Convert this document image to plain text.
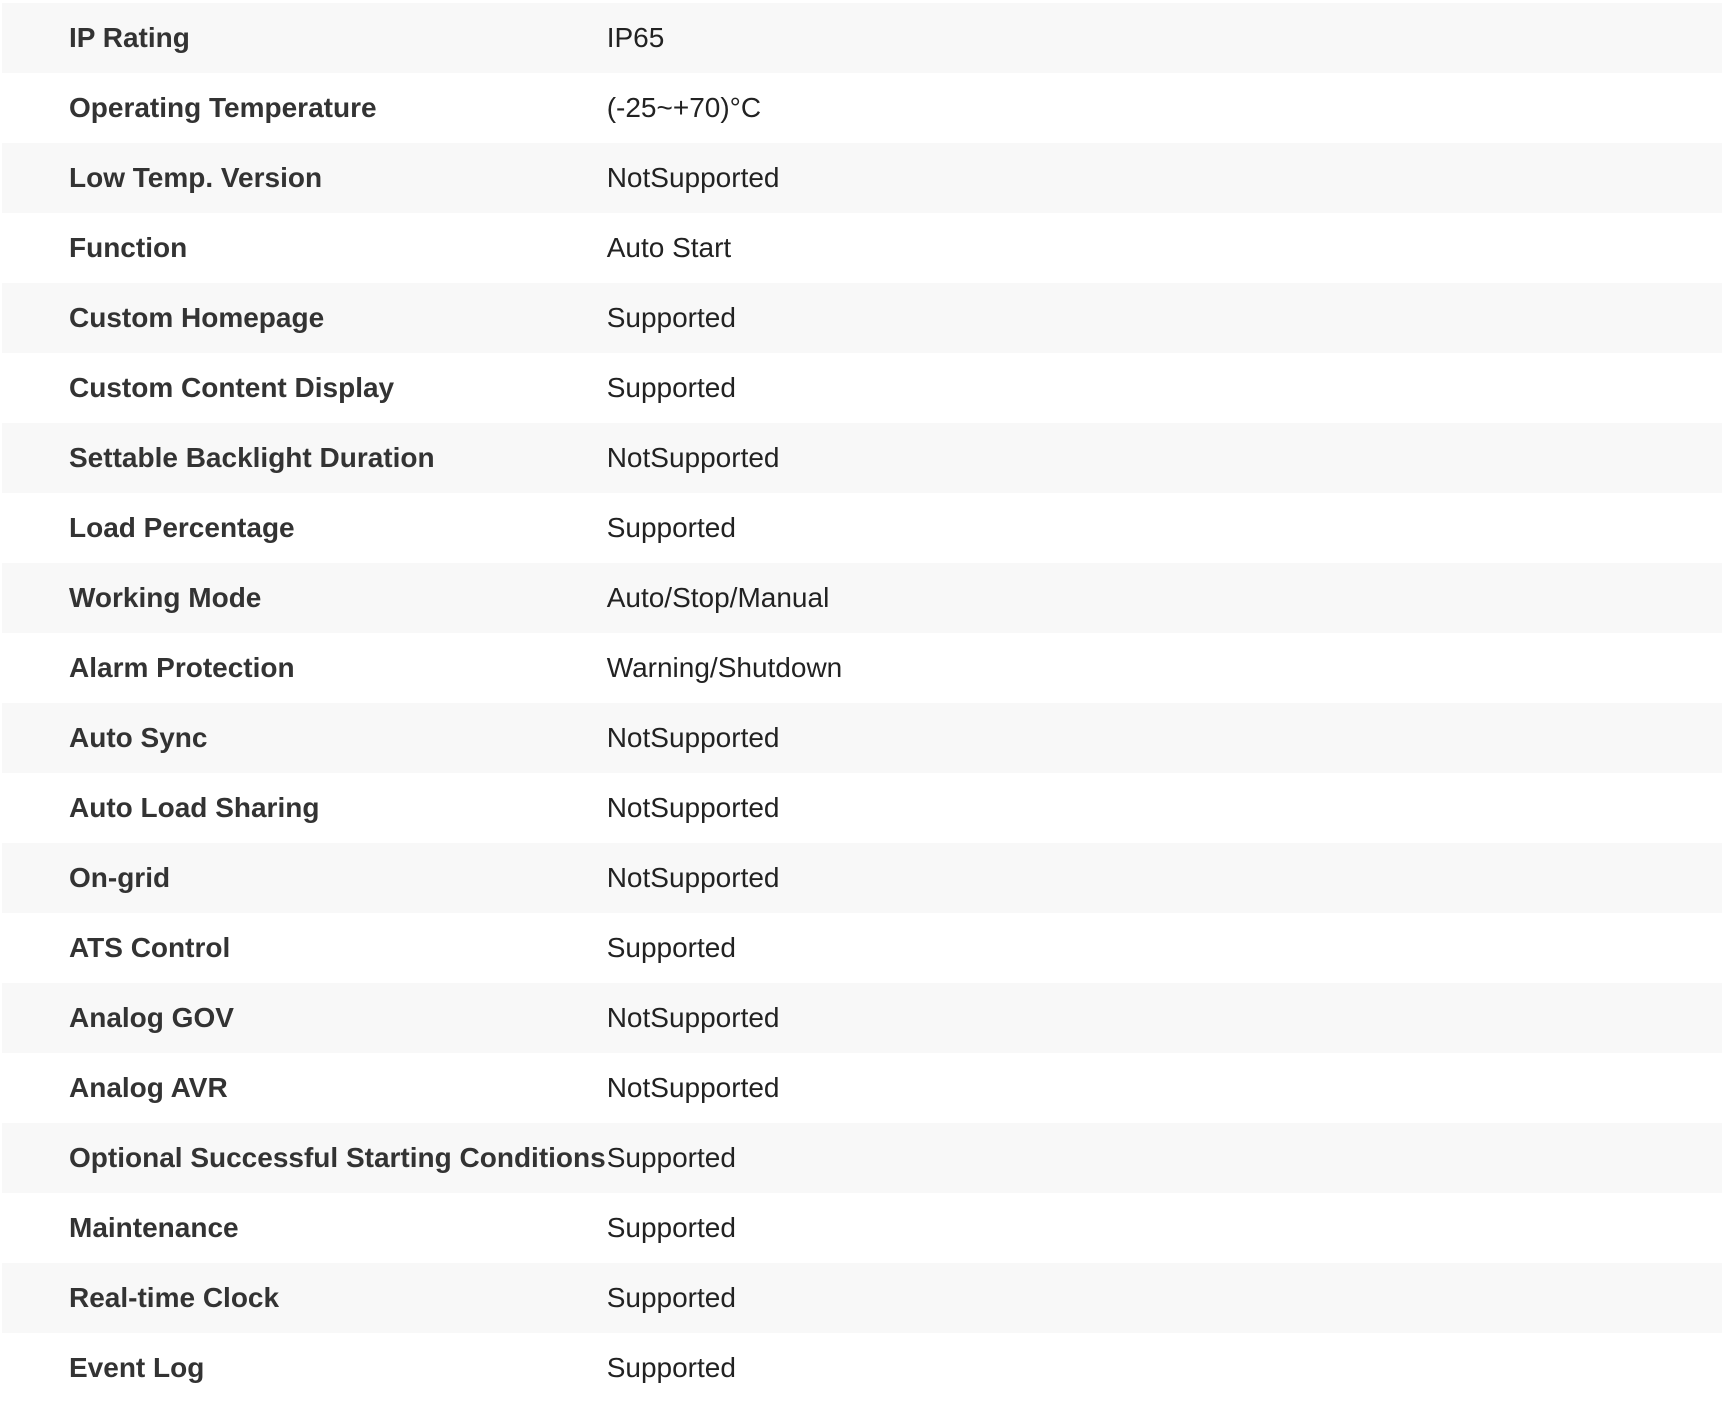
IP Rating	IP65
Operating Temperature	(-25~+70)°C
Low Temp. Version	NotSupported
Function	Auto Start
Custom Homepage	Supported
Custom Content Display	Supported
Settable Backlight Duration	NotSupported
Load Percentage	Supported
Working Mode	Auto/Stop/Manual
Alarm Protection	Warning/Shutdown
Auto Sync	NotSupported
Auto Load Sharing	NotSupported
On-grid	NotSupported
ATS Control	Supported
Analog GOV	NotSupported
Analog AVR	NotSupported
Optional Successful Starting Conditions	Supported
Maintenance	Supported
Real-time Clock	Supported
Event Log	Supported
